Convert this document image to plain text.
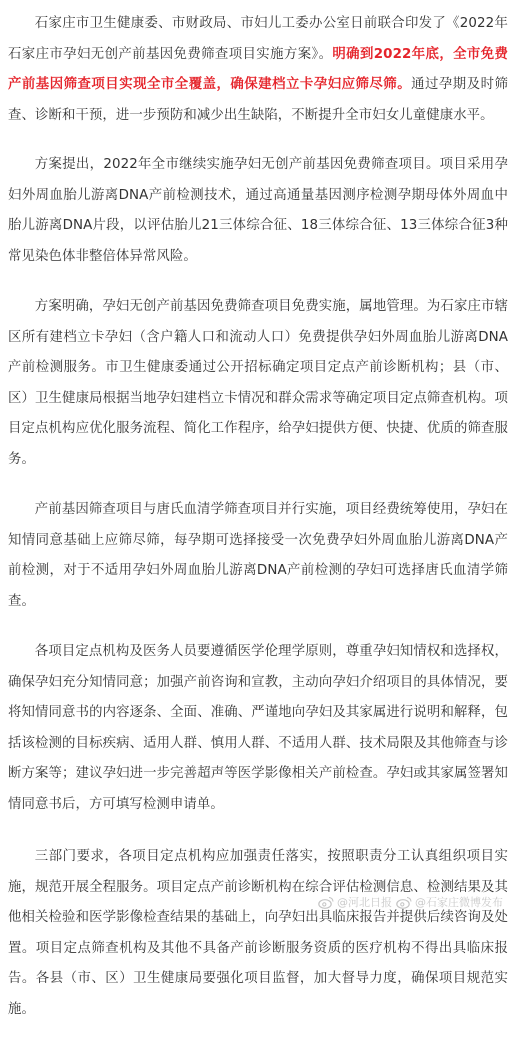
石家庄市卫生健康委、市财政局、市妇儿工委办公室日前联合印发了《2022年石家庄市孕妇无创产前基因免费筛查项目实施方案》。明确到2022年底，全市免费产前基因筛查项目实现全市全覆盖，确保建档立卡孕妇应筛尽筛。通过孕期及时筛查、诊断和干预，进一步预防和减少出生缺陷，不断提升全市妇女儿童健康水平。

方案提出，2022年全市继续实施孕妇无创产前基因免费筛查项目。项目采用孕妇外周血胎儿游离DNA产前检测技术，通过高通量基因测序检测孕期母体外周血中胎儿游离DNA片段，以评估胎儿21三体综合征、18三体综合征、13三体综合征3种常见染色体非整倍体异常风险。

方案明确，孕妇无创产前基因免费筛查项目免费实施，属地管理。为石家庄市辖区所有建档立卡孕妇（含户籍人口和流动人口）免费提供孕妇外周血胎儿游离DNA产前检测服务。市卫生健康委通过公开招标确定项目定点产前诊断机构；县（市、区）卫生健康局根据当地孕妇建档立卡情况和群众需求等确定项目定点筛查机构。项目定点机构应优化服务流程、简化工作程序，给孕妇提供方便、快捷、优质的筛查服务。

产前基因筛查项目与唐氏血清学筛查项目并行实施，项目经费统筹使用，孕妇在知情同意基础上应筛尽筛，每孕期可选择接受一次免费孕妇外周血胎儿游离DNA产前检测，对于不适用孕妇外周血胎儿游离DNA产前检测的孕妇可选择唐氏血清学筛查。

各项目定点机构及医务人员要遵循医学伦理学原则，尊重孕妇知情权和选择权，确保孕妇充分知情同意；加强产前咨询和宣教，主动向孕妇介绍项目的具体情况，要将知情同意书的内容逐条、全面、准确、严谨地向孕妇及其家属进行说明和解释，包括该检测的目标疾病、适用人群、慎用人群、不适用人群、技术局限及其他筛查与诊断方案等；建议孕妇进一步完善超声等医学影像相关产前检查。孕妇或其家属签署知情同意书后，方可填写检测申请单。

三部门要求，各项目定点机构应加强责任落实，按照职责分工认真组织项目实施，规范开展全程服务。项目定点产前诊断机构在综合评估检测信息、检测结果及其他相关检验和医学影像检查结果的基础上，向孕妇出具临床报告并提供后续咨询及处置。项目定点筛查机构及其他不具备产前诊断服务资质的医疗机构不得出具临床报告。各县（市、区）卫生健康局要强化项目监督，加大督导力度，确保项目规范实施。

@河北日报 @石家庄微博发布
